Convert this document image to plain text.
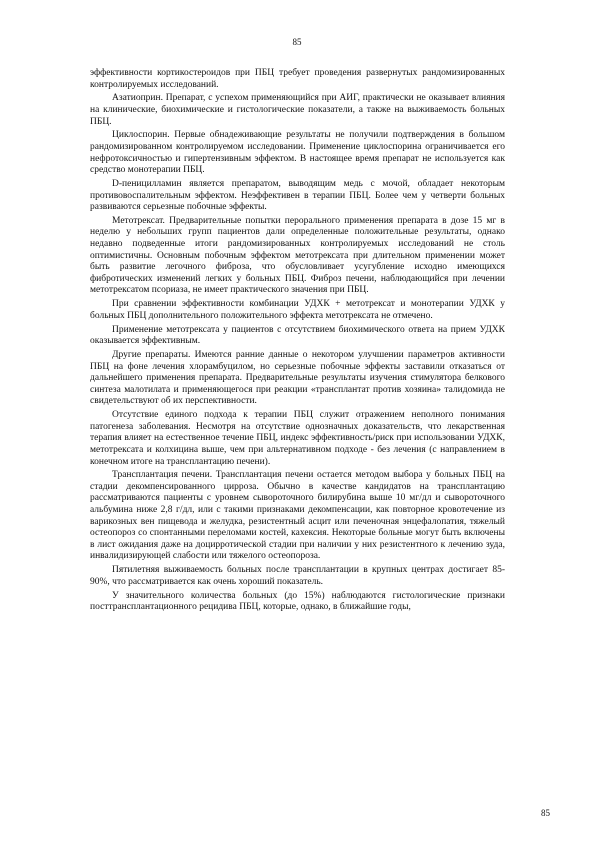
85

эффективности кортикостероидов при ПБЦ требует проведения развернутых рандомизированных контролируемых исследований.

Азатиоприн. Препарат, с успехом применяющийся при АИГ, практически не оказывает влияния на клинические, биохимические и гистологические показатели, а также на выживаемость больных ПБЦ.

Циклоспорин. Первые обнадеживающие результаты не получили подтверждения в большом рандомизированном контролируемом исследовании. Применение циклоспорина ограничивается его нефротоксичностью и гипертензивным эффектом. В настоящее время препарат не используется как средство монотерапии ПБЦ.

D-пеницилламин является препаратом, выводящим медь с мочой, обладает некоторым противовоспалительным эффектом. Неэффективен в терапии ПБЦ. Более чем у четверти больных развиваются серьезные побочные эффекты.

Метотрексат. Предварительные попытки перорального применения препарата в дозе 15 мг в неделю у небольших групп пациентов дали определенные положительные результаты, однако недавно подведенные итоги рандомизированных контролируемых исследований не столь оптимистичны. Основным побочным эффектом метотрексата при длительном применении может быть развитие легочного фиброза, что обусловливает усугубление исходно имеющихся фибротических изменений легких у больных ПБЦ. Фиброз печени, наблюдающийся при лечении метотрексатом псориаза, не имеет практического значения при ПБЦ.

При сравнении эффективности комбинации УДХК + метотрексат и монотерапии УДХК у больных ПБЦ дополнительного положительного эффекта метотрексата не отмечено.

Применение метотрексата у пациентов с отсутствием биохимического ответа на прием УДХК оказывается эффективным.

Другие препараты. Имеются ранние данные о некотором улучшении параметров активности ПБЦ на фоне лечения хлорамбуцилом, но серьезные побочные эффекты заставили отказаться от дальнейшего применения препарата. Предварительные результаты изучения стимулятора белкового синтеза малотилата и применяющегося при реакции «трансплантат против хозяина» талидомида не свидетельствуют об их перспективности.

Отсутствие единого подхода к терапии ПБЦ служит отражением неполного понимания патогенеза заболевания. Несмотря на отсутствие однозначных доказательств, что лекарственная терапия влияет на естественное течение ПБЦ, индекс эффективность/риск при использовании УДХК, метотрексата и колхицина выше, чем при альтернативном подходе - без лечения (с направлением в конечном итоге на трансплантацию печени).

Трансплантация печени. Трансплантация печени остается методом выбора у больных ПБЦ на стадии декомпенсированного цирроза. Обычно в качестве кандидатов на трансплантацию рассматриваются пациенты с уровнем сывороточного билирубина выше 10 мг/дл и сывороточного альбумина ниже 2,8 г/дл, или с такими признаками декомпенсации, как повторное кровотечение из варикозных вен пищевода и желудка, резистентный асцит или печеночная энцефалопатия, тяжелый остеопороз со спонтанными переломами костей, кахексия. Некоторые больные могут быть включены в лист ожидания даже на доцирротической стадии при наличии у них резистентного к лечению зуда, инвалидизирующей слабости или тяжелого остеопороза.

Пятилетняя выживаемость больных после трансплантации в крупных центрах достигает 85-90%, что рассматривается как очень хороший показатель.

У значительного количества больных (до 15%) наблюдаются гистологические признаки посттрансплантационного рецидива ПБЦ, которые, однако, в ближайшие годы,

85
